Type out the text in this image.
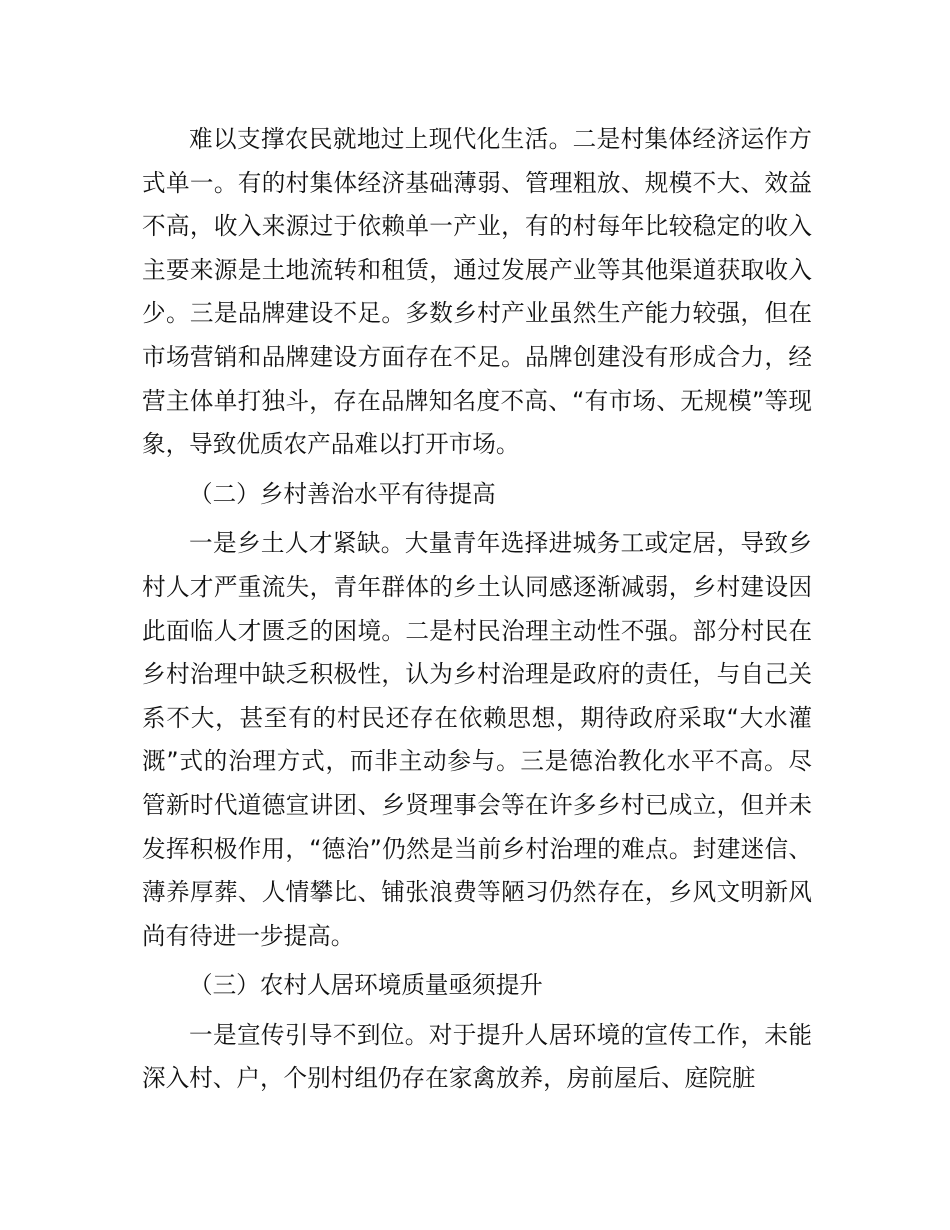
难以支撑农民就地过上现代化生活。二是村集体经济运作方式单一。有的村集体经济基础薄弱、管理粗放、规模不大、效益不高，收入来源过于依赖单一产业，有的村每年比较稳定的收入主要来源是土地流转和租赁，通过发展产业等其他渠道获取收入少。三是品牌建设不足。多数乡村产业虽然生产能力较强，但在市场营销和品牌建设方面存在不足。品牌创建没有形成合力，经营主体单打独斗，存在品牌知名度不高、“有市场、无规模”等现象，导致优质农产品难以打开市场。

（二）乡村善治水平有待提高

一是乡土人才紧缺。大量青年选择进城务工或定居，导致乡村人才严重流失，青年群体的乡土认同感逐渐减弱，乡村建设因此面临人才匮乏的困境。二是村民治理主动性不强。部分村民在乡村治理中缺乏积极性，认为乡村治理是政府的责任，与自己关系不大，甚至有的村民还存在依赖思想，期待政府采取“大水灌溉”式的治理方式，而非主动参与。三是德治教化水平不高。尽管新时代道德宣讲团、乡贤理事会等在许多乡村已成立，但并未发挥积极作用，“德治”仍然是当前乡村治理的难点。封建迷信、薄养厚葬、人情攀比、铺张浪费等陋习仍然存在，乡风文明新风尚有待进一步提高。

（三）农村人居环境质量亟须提升

一是宣传引导不到位。对于提升人居环境的宣传工作，未能深入村、户，个别村组仍存在家禽放养，房前屋后、庭院脏
